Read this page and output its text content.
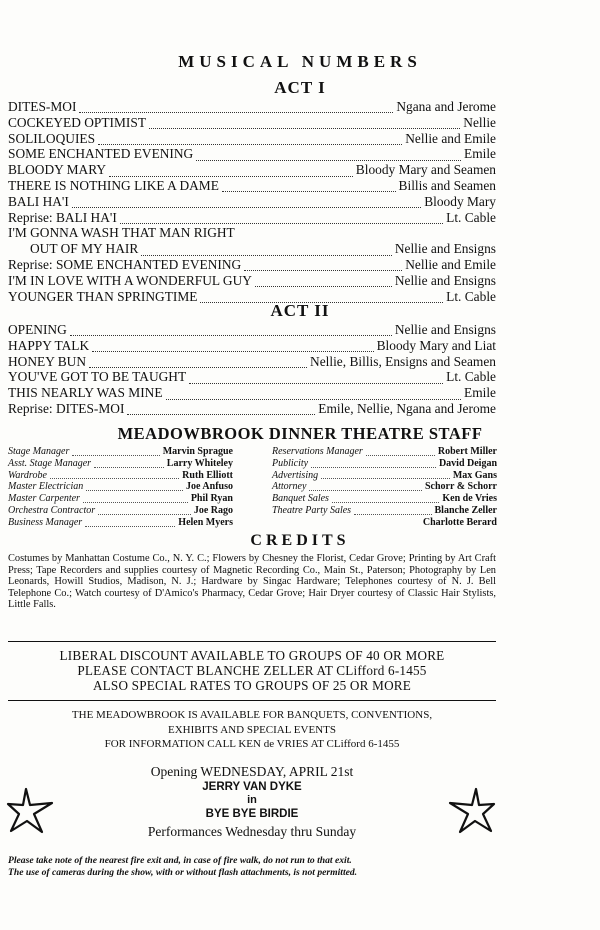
MUSICAL NUMBERS
ACT I
DITES-MOI	Ngana and Jerome
COCKEYED OPTIMIST	Nellie
SOLILOQUIES	Nellie and Emile
SOME ENCHANTED EVENING	Emile
BLOODY MARY	Bloody Mary and Seamen
THERE IS NOTHING LIKE A DAME	Billis and Seamen
BALI HA'I	Bloody Mary
Reprise: BALI HA'I	Lt. Cable
I'M GONNA WASH THAT MAN RIGHT
OUT OF MY HAIR	Nellie and Ensigns
Reprise: SOME ENCHANTED EVENING	Nellie and Emile
I'M IN LOVE WITH A WONDERFUL GUY	Nellie and Ensigns
YOUNGER THAN SPRINGTIME	Lt. Cable
ACT II
OPENING	Nellie and Ensigns
HAPPY TALK	Bloody Mary and Liat
HONEY BUN	Nellie, Billis, Ensigns and Seamen
YOU'VE GOT TO BE TAUGHT	Lt. Cable
THIS NEARLY WAS MINE	Emile
Reprise: DITES-MOI	Emile, Nellie, Ngana and Jerome
MEADOWBROOK DINNER THEATRE STAFF
Stage Manager	Marvin Sprague
Asst. Stage Manager	Larry Whiteley
Wardrobe	Ruth Elliott
Master Electrician	Joe Anfuso
Master Carpenter	Phil Ryan
Orchestra Contractor	Joe Rago
Business Manager	Helen Myers
Reservations Manager	Robert Miller
Publicity	David Deigan
Advertising	Max Gans
Attorney	Schorr & Schorr
Banquet Sales	Ken de Vries
Theatre Party Sales	Blanche Zeller
Charlotte Berard
CREDITS
Costumes by Manhattan Costume Co., N. Y. C.; Flowers by Chesney the Florist, Cedar Grove; Printing by Art Craft Press; Tape Recorders and supplies courtesy of Magnetic Recording Co., Main St., Paterson; Photography by Len Leonards, Howill Studios, Madison, N. J.; Hardware by Singac Hardware; Telephones courtesy of N. J. Bell Telephone Co.; Watch courtesy of D'Amico's Pharmacy, Cedar Grove; Hair Dryer courtesy of Classic Hair Stylists, Little Falls.
LIBERAL DISCOUNT AVAILABLE TO GROUPS OF 40 OR MORE
PLEASE CONTACT BLANCHE ZELLER AT CLifford 6-1455
ALSO SPECIAL RATES TO GROUPS OF 25 OR MORE
THE MEADOWBROOK IS AVAILABLE FOR BANQUETS, CONVENTIONS,
EXHIBITS AND SPECIAL EVENTS
FOR INFORMATION CALL KEN de VRIES AT CLifford 6-1455
Opening WEDNESDAY, APRIL 21st
JERRY VAN DYKE
in
BYE BYE BIRDIE
Performances Wednesday thru Sunday
Please take note of the nearest fire exit and, in case of fire walk, do not run to that exit.
The use of cameras during the show, with or without flash attachments, is not permitted.
